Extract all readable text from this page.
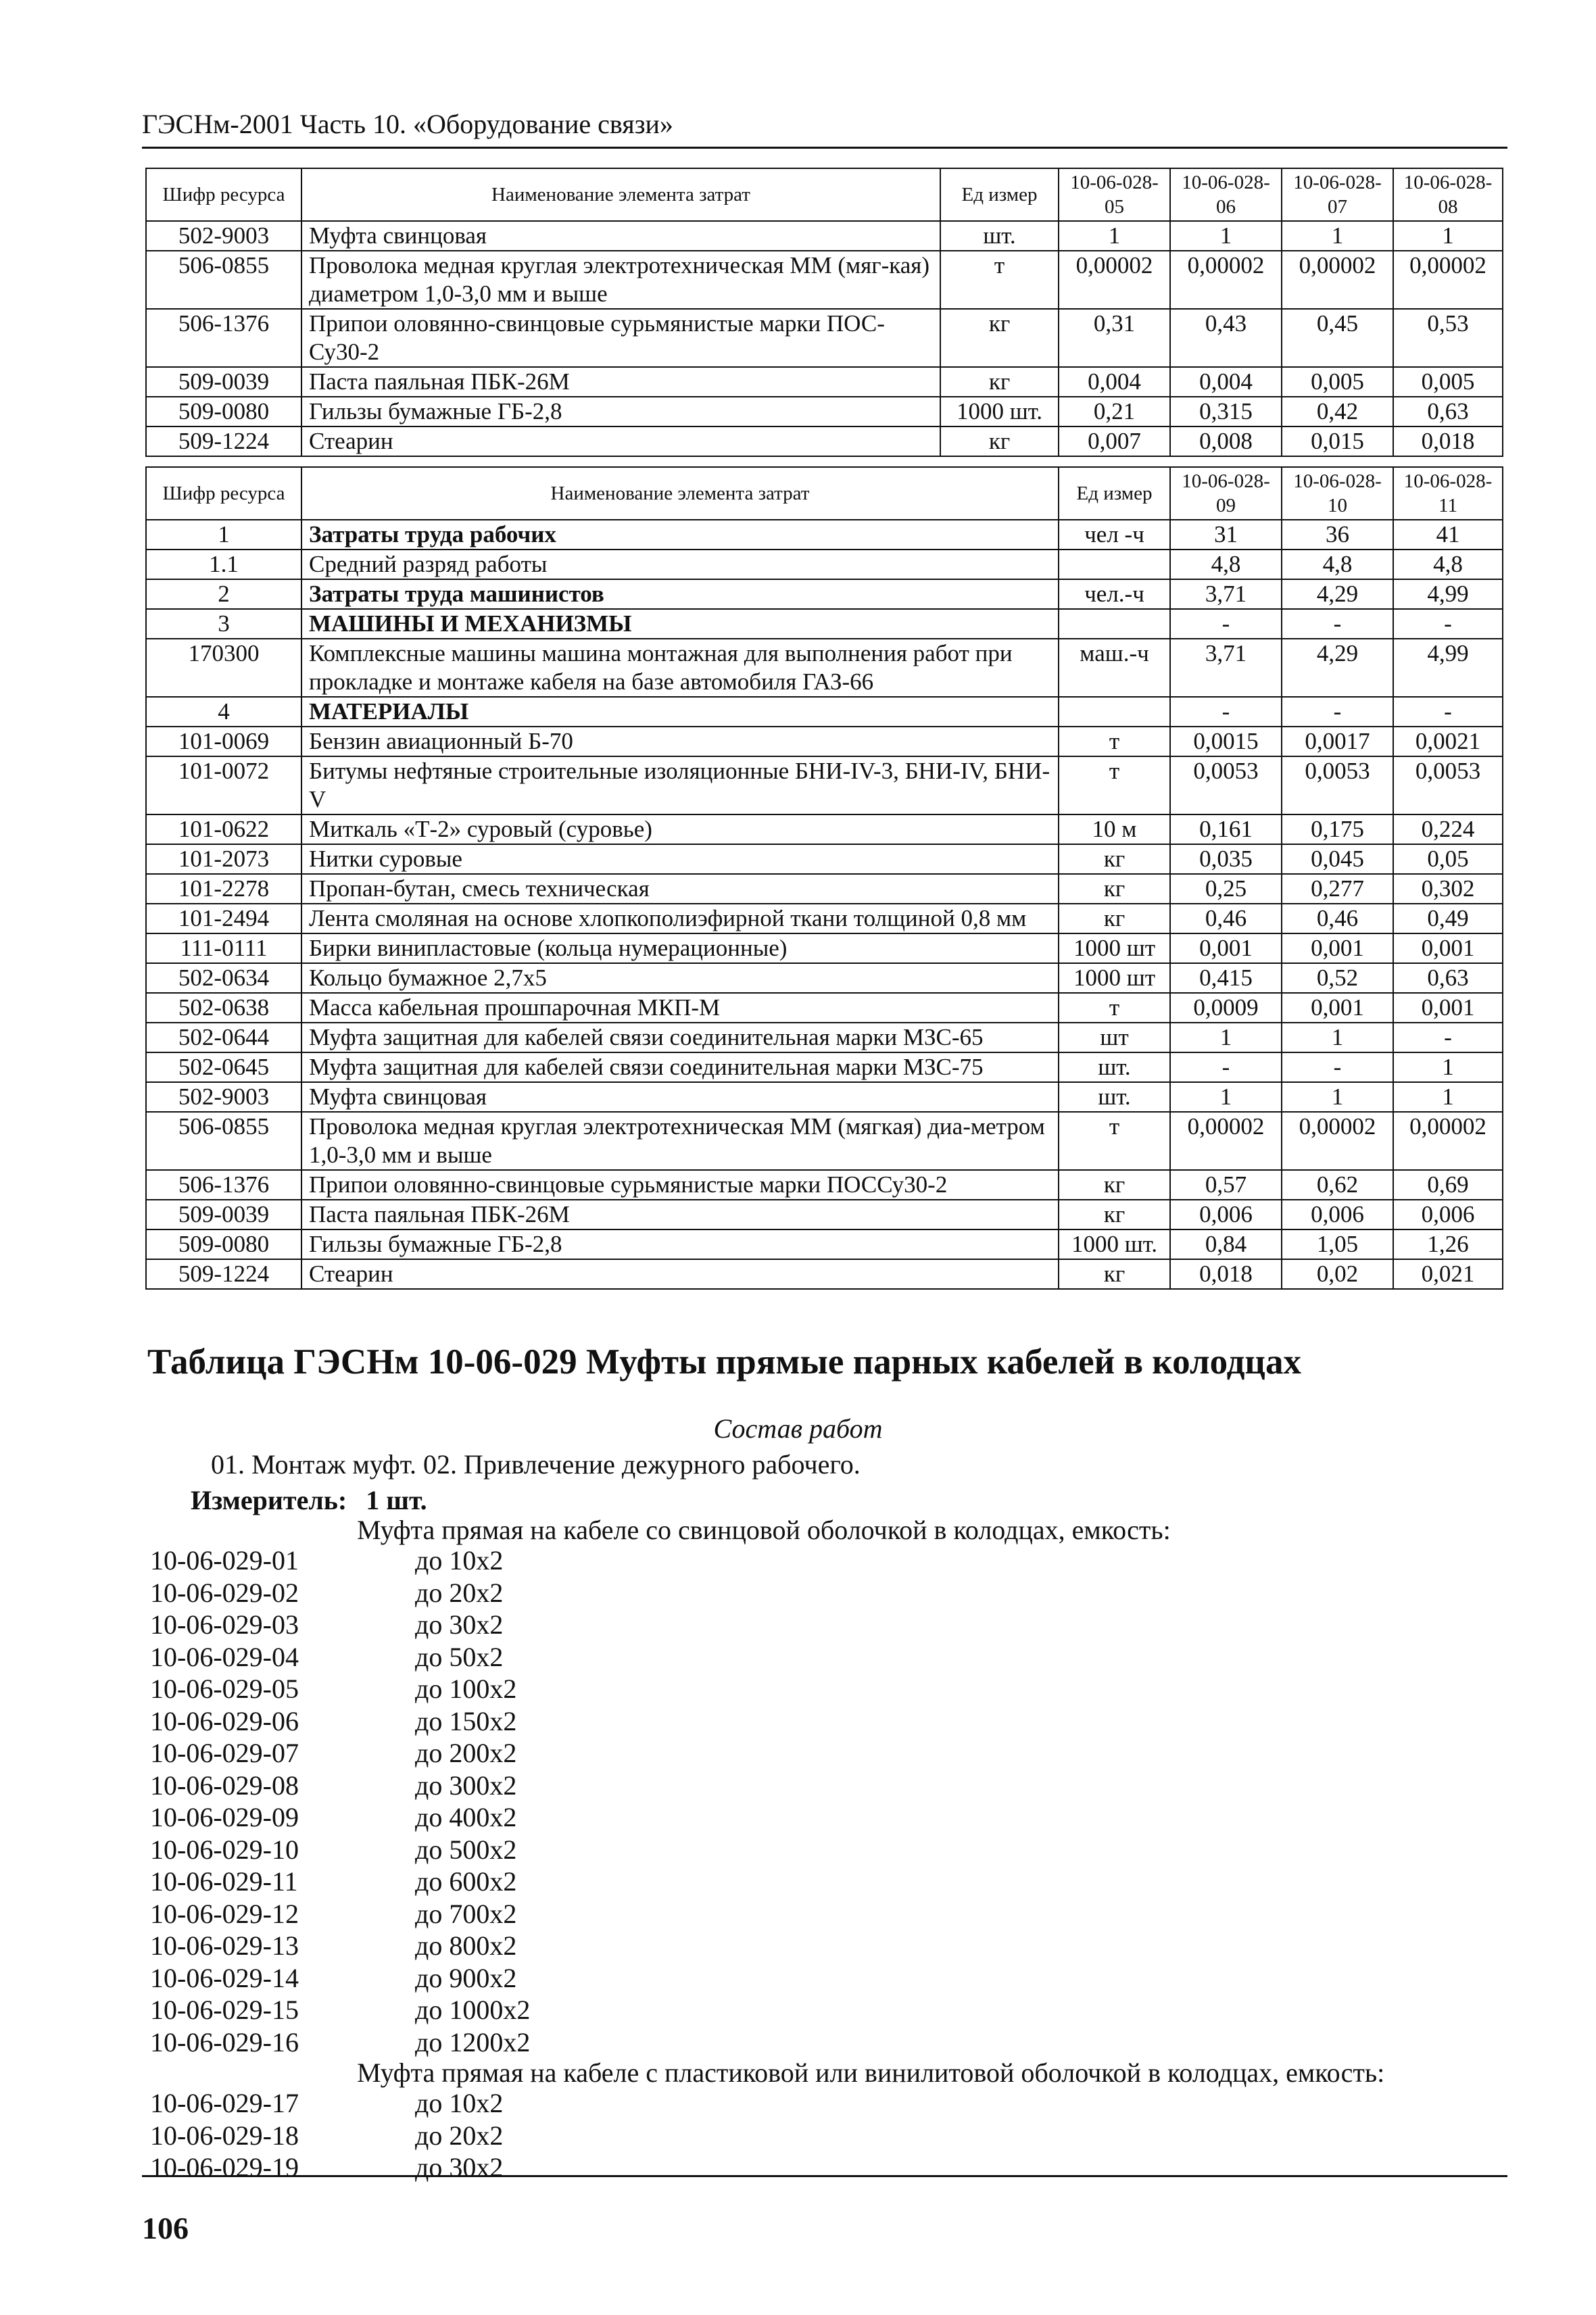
ГЭСНм-2001 Часть 10. «Оборудование связи»
Шифр ресурса	Наименование элемента затрат	Ед измер	10-06-028-05	10-06-028-06	10-06-028-07	10-06-028-08
502-9003	Муфта свинцовая	шт.	1	1	1	1
506-0855	Проволока медная круглая электротехническая ММ (мяг-кая) диаметром 1,0-3,0 мм и выше	т	0,00002	0,00002	0,00002	0,00002
506-1376	Припои оловянно-свинцовые сурьмянистые марки ПОС-Су30-2	кг	0,31	0,43	0,45	0,53
509-0039	Паста паяльная ПБК-26М	кг	0,004	0,004	0,005	0,005
509-0080	Гильзы бумажные ГБ-2,8	1000 шт.	0,21	0,315	0,42	0,63
509-1224	Стеарин	кг	0,007	0,008	0,015	0,018
Шифр ресурса	Наименование элемента затрат	Ед измер	10-06-028-09	10-06-028-10	10-06-028-11
1	Затраты труда рабочих	чел -ч	31	36	41
1.1	Средний разряд работы		4,8	4,8	4,8
2	Затраты труда машинистов	чел.-ч	3,71	4,29	4,99
3	МАШИНЫ И МЕХАНИЗМЫ		-	-	-
170300	Комплексные машины машина монтажная для выполнения работ при прокладке и монтаже кабеля на базе автомобиля ГАЗ-66	маш.-ч	3,71	4,29	4,99
4	МАТЕРИАЛЫ		-	-	-
101-0069	Бензин авиационный Б-70	т	0,0015	0,0017	0,0021
101-0072	Битумы нефтяные строительные изоляционные БНИ-IV-3, БНИ-IV, БНИ-V	т	0,0053	0,0053	0,0053
101-0622	Миткаль «Т-2» суровый (суровье)	10 м	0,161	0,175	0,224
101-2073	Нитки суровые	кг	0,035	0,045	0,05
101-2278	Пропан-бутан, смесь техническая	кг	0,25	0,277	0,302
101-2494	Лента смоляная на основе хлопкополиэфирной ткани толщиной 0,8 мм	кг	0,46	0,46	0,49
111-0111	Бирки винипластовые (кольца нумерационные)	1000 шт	0,001	0,001	0,001
502-0634	Кольцо бумажное 2,7х5	1000 шт	0,415	0,52	0,63
502-0638	Масса кабельная прошпарочная МКП-М	т	0,0009	0,001	0,001
502-0644	Муфта защитная для кабелей связи соединительная марки МЗС-65	шт	1	1	-
502-0645	Муфта защитная для кабелей связи соединительная марки МЗС-75	шт.	-	-	1
502-9003	Муфта свинцовая	шт.	1	1	1
506-0855	Проволока медная круглая электротехническая ММ (мягкая) диа-метром 1,0-3,0 мм и выше	т	0,00002	0,00002	0,00002
506-1376	Припои оловянно-свинцовые сурьмянистые марки ПОССу30-2	кг	0,57	0,62	0,69
509-0039	Паста паяльная ПБК-26М	кг	0,006	0,006	0,006
509-0080	Гильзы бумажные ГБ-2,8	1000 шт.	0,84	1,05	1,26
509-1224	Стеарин	кг	0,018	0,02	0,021
Таблица ГЭСНм 10-06-029 Муфты прямые парных кабелей в колодцах
Состав работ
01. Монтаж муфт. 02. Привлечение дежурного рабочего.
Измеритель: 1 шт.
Муфта прямая на кабеле со свинцовой оболочкой в колодцах, емкость:
10-06-029-01	до 10х2
10-06-029-02	до 20х2
10-06-029-03	до 30х2
10-06-029-04	до 50х2
10-06-029-05	до 100х2
10-06-029-06	до 150х2
10-06-029-07	до 200х2
10-06-029-08	до 300х2
10-06-029-09	до 400х2
10-06-029-10	до 500х2
10-06-029-11	до 600х2
10-06-029-12	до 700х2
10-06-029-13	до 800х2
10-06-029-14	до 900х2
10-06-029-15	до 1000х2
10-06-029-16	до 1200х2
Муфта прямая на кабеле с пластиковой или винилитовой оболочкой в колодцах, емкость:
10-06-029-17	до 10х2
10-06-029-18	до 20х2
10-06-029-19	до 30х2
106
